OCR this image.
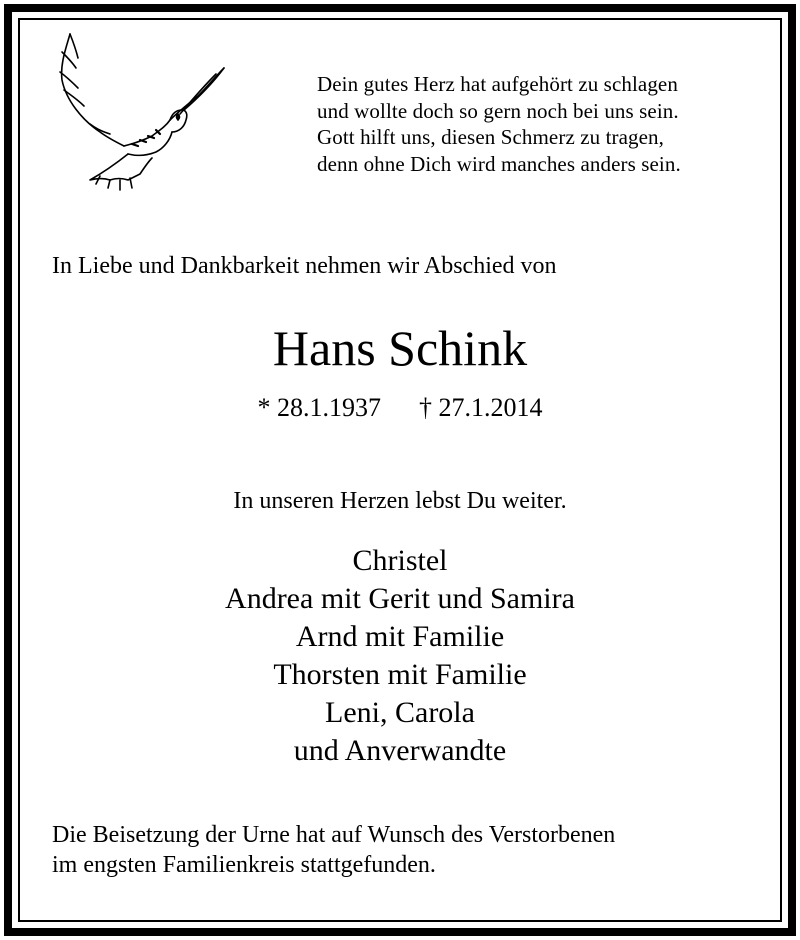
Dein gutes Herz hat aufgehört zu schlagen
und wollte doch so gern noch bei uns sein.
Gott hilft uns, diesen Schmerz zu tragen,
denn ohne Dich wird manches anders sein.
In Liebe und Dankbarkeit nehmen wir Abschied von
Hans Schink
* 28.1.1937 † 27.1.2014
In unseren Herzen lebst Du weiter.
Christel
Andrea mit Gerit und Samira
Arnd mit Familie
Thorsten mit Familie
Leni, Carola
und Anverwandte
Die Beisetzung der Urne hat auf Wunsch des Verstorbenen
im engsten Familienkreis stattgefunden.
